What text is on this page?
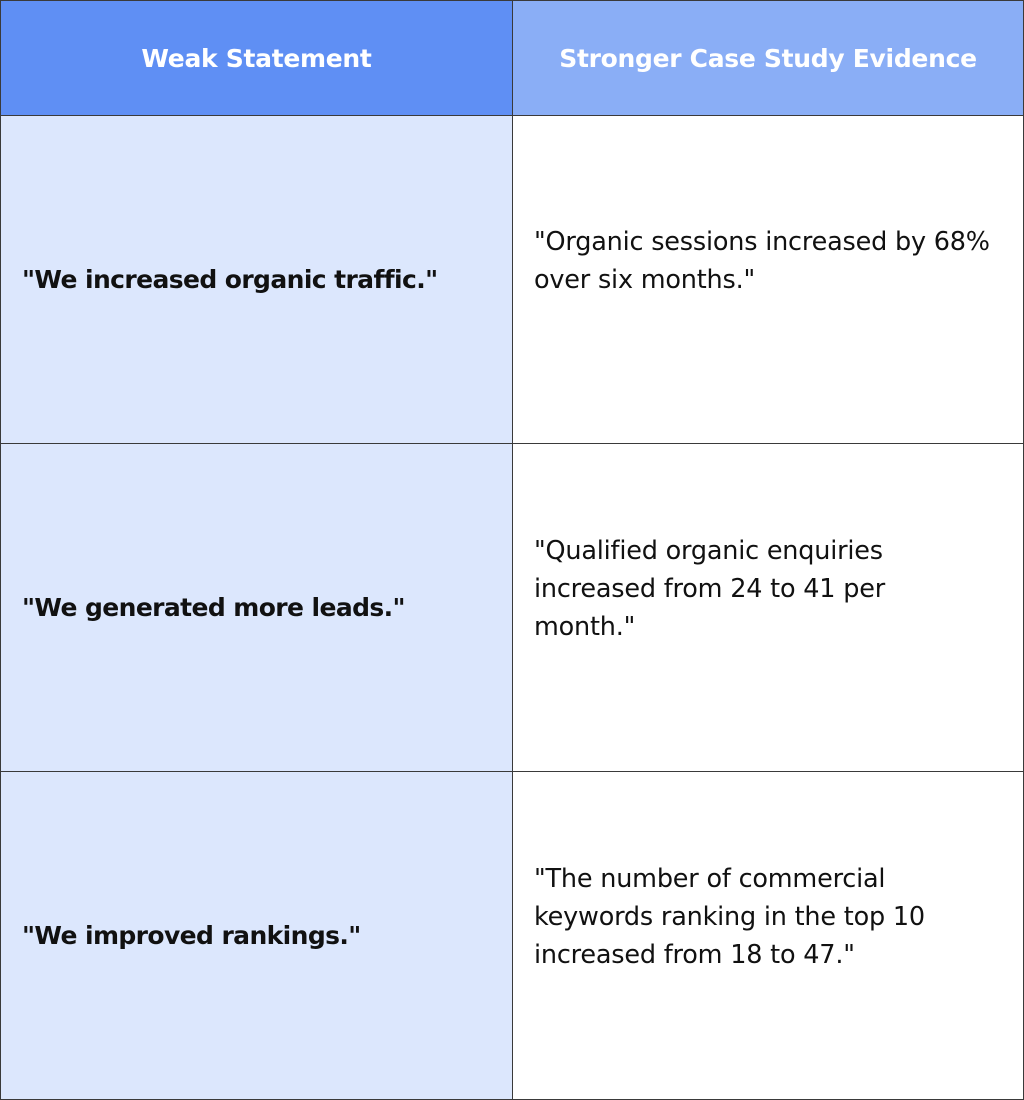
Weak Statement	Stronger Case Study Evidence
"We increased organic traffic."
"Organic sessions increased by 68% over six months."
"We generated more leads."
"Qualified organic enquiries increased from 24 to 41 per month."
"We improved rankings."
"The number of commercial keywords ranking in the top 10 increased from 18 to 47."
